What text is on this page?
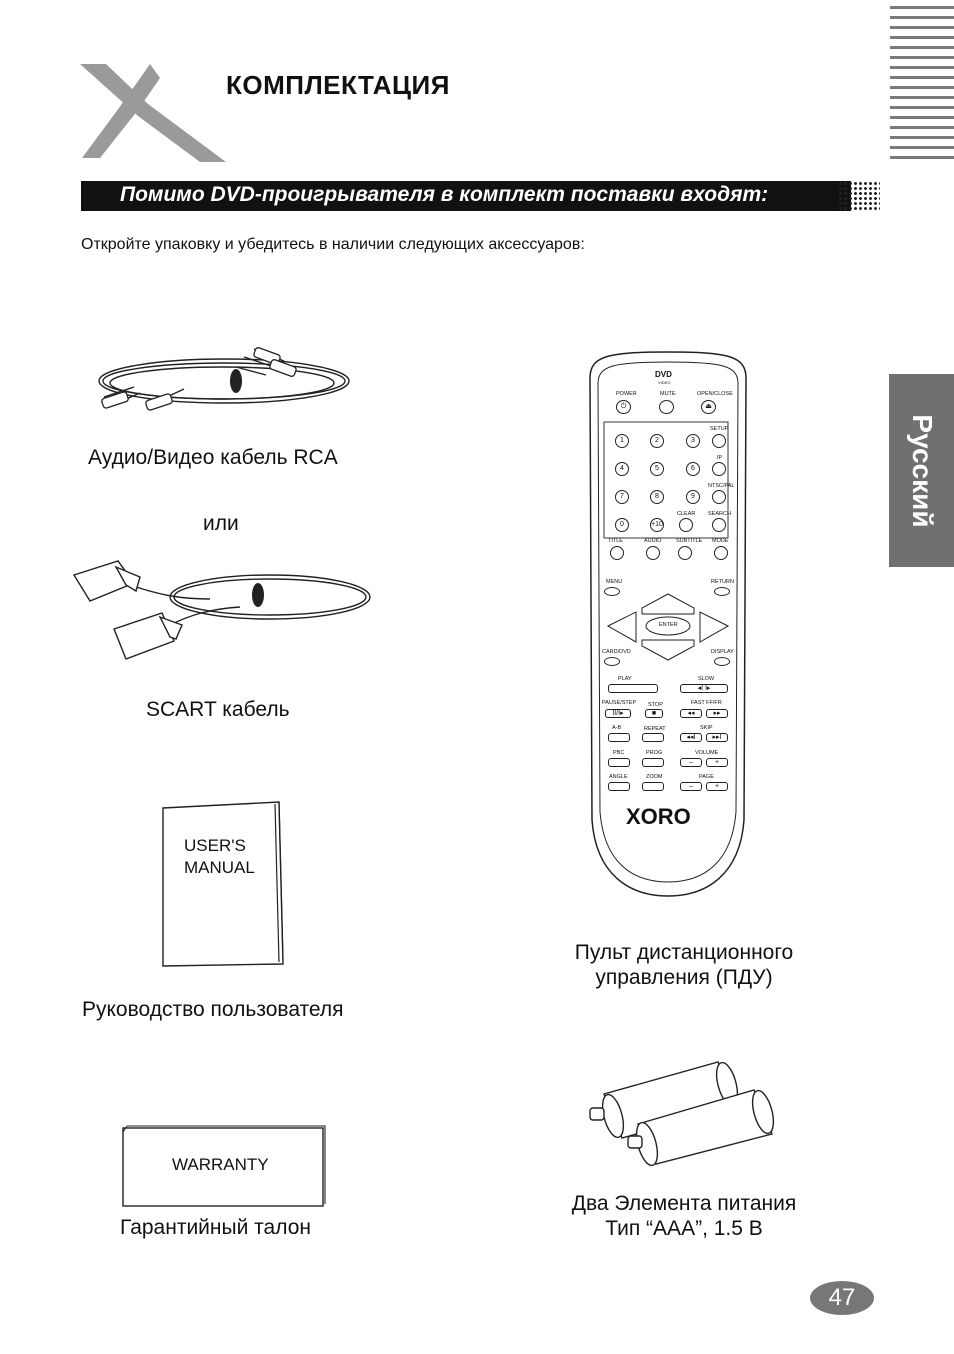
КОМПЛЕКТАЦИЯ
Помимо DVD-проигрывателя в комплект поставки входят:
Откройте упаковку и убедитесь в наличии следующих аксессуаров:
Русский
Аудио/Видео кабель RCA
или
SCART кабель
USER'S
MANUAL
Руководство пользователя
WARRANTY
Гарантийный талон
Два Элемента питания
Тип “AAA”, 1.5 В
DVD
VIDEO
POWER
⏻
MUTE	OPEN/CLOSE
⏏
1	2	3
4	5	6
7	8	9
0	+10
SETUP
IP
NTSC/PAL
CLEAR SEARCH
TITLE	AUDIO	SUBTITLE MODE
MENU	RETURN
ENTER
CARD/DVD	DISPLAY
PLAY	SLOW
◂I I▸
PAUSE/STEP
II/I▸
STOP
■
FAST FF/FR
◂◂	▸▸
A-B	REPEAT	SKIP
◂◂I	▸▸I
PBC	PROG	VOLUME
–	+
ANGLE	ZOOM	PAGE
–	+
XORO
Пульт дистанционного
управления (ПДУ)
47
